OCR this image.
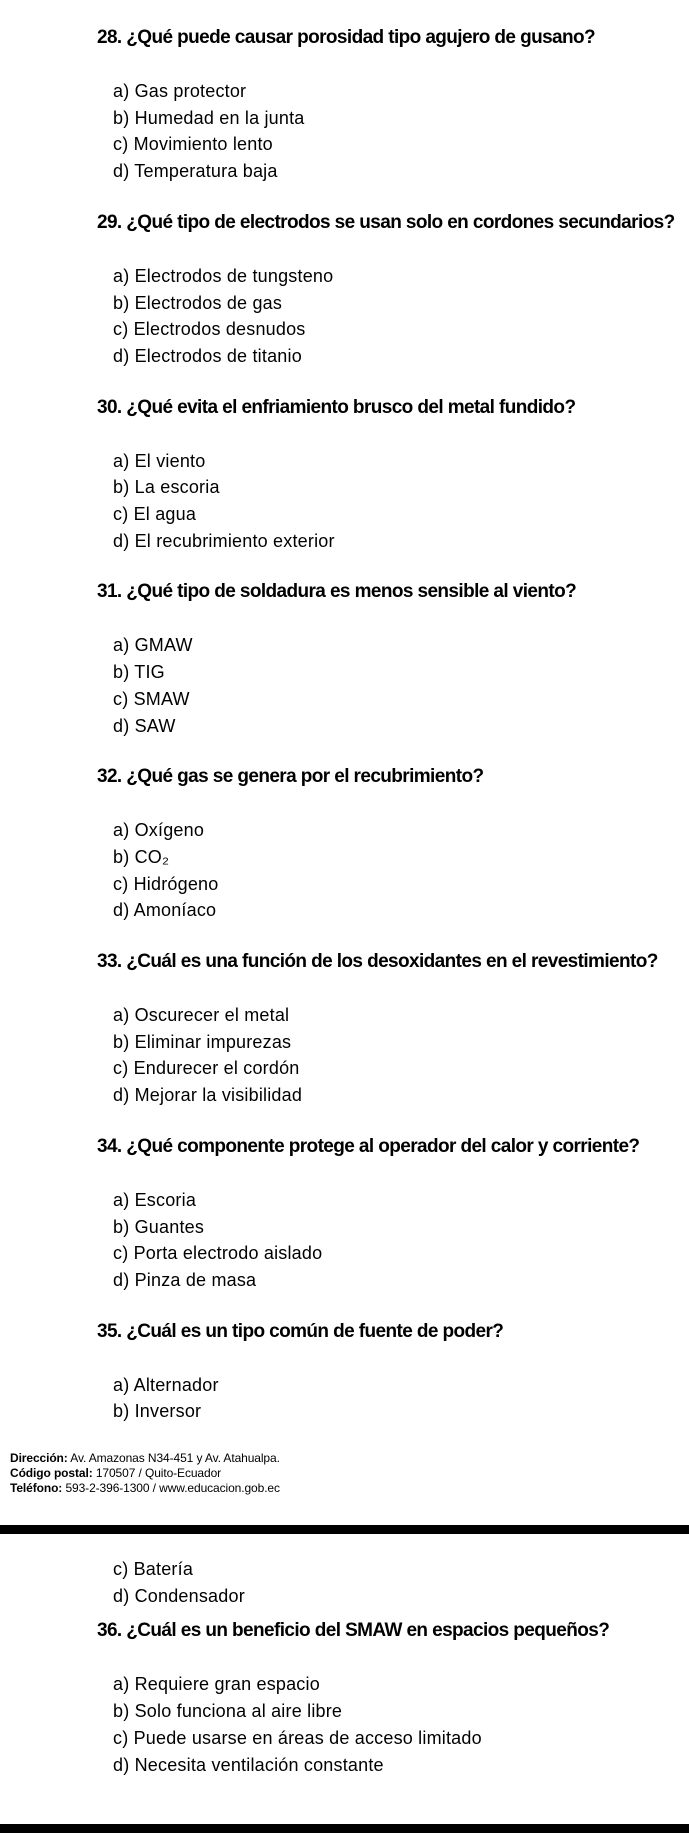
28. ¿Qué puede causar porosidad tipo agujero de gusano?
a) Gas protector
b) Humedad en la junta
c) Movimiento lento
d) Temperatura baja
29. ¿Qué tipo de electrodos se usan solo en cordones secundarios?
a) Electrodos de tungsteno
b) Electrodos de gas
c) Electrodos desnudos
d) Electrodos de titanio
30. ¿Qué evita el enfriamiento brusco del metal fundido?
a) El viento
b) La escoria
c) El agua
d) El recubrimiento exterior
31. ¿Qué tipo de soldadura es menos sensible al viento?
a) GMAW
b) TIG
c) SMAW
d) SAW
32. ¿Qué gas se genera por el recubrimiento?
a) Oxígeno
b) CO₂
c) Hidrógeno
d) Amoníaco
33. ¿Cuál es una función de los desoxidantes en el revestimiento?
a) Oscurecer el metal
b) Eliminar impurezas
c) Endurecer el cordón
d) Mejorar la visibilidad
34. ¿Qué componente protege al operador del calor y corriente?
a) Escoria
b) Guantes
c) Porta electrodo aislado
d) Pinza de masa
35. ¿Cuál es un tipo común de fuente de poder?
a) Alternador
b) Inversor
Dirección: Av. Amazonas N34-451 y Av. Atahualpa.
Código postal: 170507 / Quito-Ecuador
Teléfono: 593-2-396-1300 / www.educacion.gob.ec
c) Batería
d) Condensador
36. ¿Cuál es un beneficio del SMAW en espacios pequeños?
a) Requiere gran espacio
b) Solo funciona al aire libre
c) Puede usarse en áreas de acceso limitado
d) Necesita ventilación constante
